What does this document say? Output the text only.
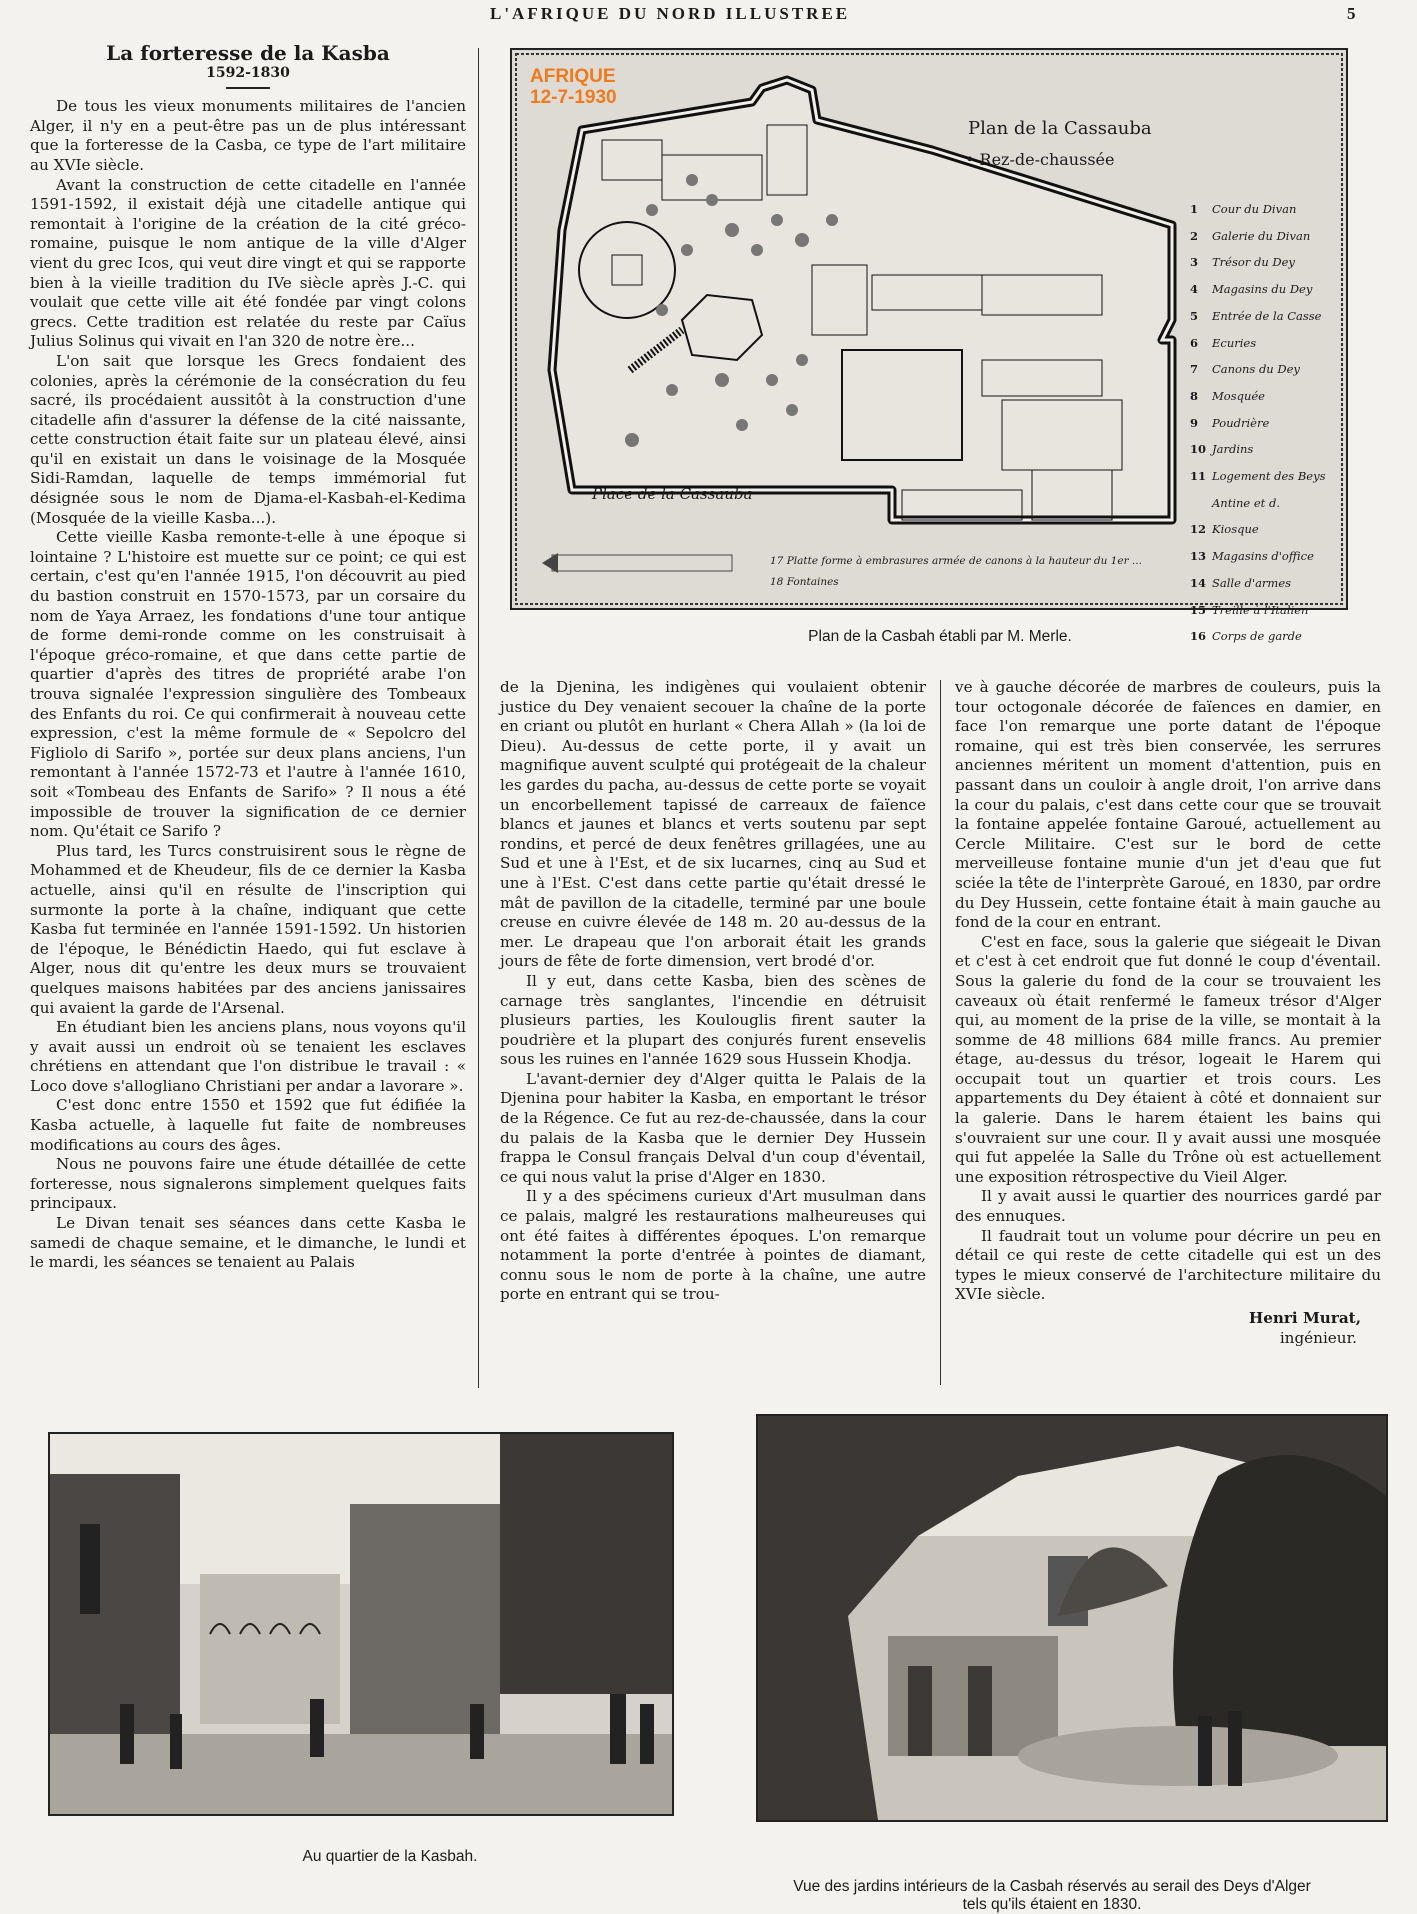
L'AFRIQUE DU NORD ILLUSTREE	5

La forteresse de la Kasba

1592-1830

De tous les vieux monuments militaires de l'ancien Alger, il n'y en a peut-être pas un de plus intéressant que la forteresse de la Casba, ce type de l'art militaire au XVIe siècle.

Avant la construction de cette citadelle en l'année 1591-1592, il existait déjà une citadelle antique qui remontait à l'origine de la création de la cité gréco-romaine, puisque le nom antique de la ville d'Alger vient du grec Icos, qui veut dire vingt et qui se rapporte bien à la vieille tradition du IVe siècle après J.-C. qui voulait que cette ville ait été fondée par vingt colons grecs. Cette tradition est relatée du reste par Caïus Julius Solinus qui vivait en l'an 320 de notre ère...

L'on sait que lorsque les Grecs fondaient des colonies, après la cérémonie de la consécration du feu sacré, ils procédaient aussitôt à la construction d'une citadelle afin d'assurer la défense de la cité naissante, cette construction était faite sur un plateau élevé, ainsi qu'il en existait un dans le voisinage de la Mosquée Sidi-Ramdan, laquelle de temps immémorial fut désignée sous le nom de Djama-el-Kasbah-el-Kedima (Mosquée de la vieille Kasba...).

Cette vieille Kasba remonte-t-elle à une époque si lointaine ? L'histoire est muette sur ce point; ce qui est certain, c'est qu'en l'année 1915, l'on découvrit au pied du bastion construit en 1570-1573, par un corsaire du nom de Yaya Arraez, les fondations d'une tour antique de forme demi-ronde comme on les construisait à l'époque gréco-romaine, et que dans cette partie de quartier d'après des titres de propriété arabe l'on trouva signalée l'expression singulière des Tombeaux des Enfants du roi. Ce qui confirmerait à nouveau cette expression, c'est la même formule de « Sepolcro del Figliolo di Sarifo », portée sur deux plans anciens, l'un remontant à l'année 1572-73 et l'autre à l'année 1610, soit «Tombeau des Enfants de Sarifo» ? Il nous a été impossible de trouver la signification de ce dernier nom. Qu'était ce Sarifo ?

Plus tard, les Turcs construisirent sous le règne de Mohammed et de Kheudeur, fils de ce dernier la Kasba actuelle, ainsi qu'il en résulte de l'inscription qui surmonte la porte à la chaîne, indiquant que cette Kasba fut terminée en l'année 1591-1592. Un historien de l'époque, le Bénédictin Haedo, qui fut esclave à Alger, nous dit qu'entre les deux murs se trouvaient quelques maisons habitées par des anciens janissaires qui avaient la garde de l'Arsenal.

En étudiant bien les anciens plans, nous voyons qu'il y avait aussi un endroit où se tenaient les esclaves chrétiens en attendant que l'on distribue le travail : « Loco dove s'allogliano Christiani per andar a lavorare ».

C'est donc entre 1550 et 1592 que fut édifiée la Kasba actuelle, à laquelle fut faite de nombreuses modifications au cours des âges.

Nous ne pouvons faire une étude détaillée de cette forteresse, nous signalerons simplement quelques faits principaux.

Le Divan tenait ses séances dans cette Kasba le samedi de chaque semaine, et le dimanche, le lundi et le mardi, les séances se tenaient au Palais

AFRIQUE
12-7-1930
Plan de la Cassauba
• Rez-de-chaussée
Place de la Cassauba
1 Cour du Divan
2 Galerie du Divan
3 Trésor du Dey
4 Magasins du Dey
5 Entrée de la Casse
6 Ecuries
7 Canons du Dey
8 Mosquée
9 Poudrière
10 Jardins
11 Logement des Beys
Antine et d.
12 Kiosque
13 Magasins d'office
14 Salle d'armes
15 Treille à l'Italien
16 Corps de garde
17 Platte forme à embrasures armée de canons à la hauteur du 1er ...
18 Fontaines
Plan de la Casbah établi par M. Merle.

de la Djenina, les indigènes qui voulaient obtenir justice du Dey venaient secouer la chaîne de la porte en criant ou plutôt en hurlant « Chera Allah » (la loi de Dieu). Au-dessus de cette porte, il y avait un magnifique auvent sculpté qui protégeait de la chaleur les gardes du pacha, au-dessus de cette porte se voyait un encorbellement tapissé de carreaux de faïence blancs et jaunes et blancs et verts soutenu par sept rondins, et percé de deux fenêtres grillagées, une au Sud et une à l'Est, et de six lucarnes, cinq au Sud et une à l'Est. C'est dans cette partie qu'était dressé le mât de pavillon de la citadelle, terminé par une boule creuse en cuivre élevée de 148 m. 20 au-dessus de la mer. Le drapeau que l'on arborait était les grands jours de fête de forte dimension, vert brodé d'or.

Il y eut, dans cette Kasba, bien des scènes de carnage très sanglantes, l'incendie en détruisit plusieurs parties, les Koulouglis firent sauter la poudrière et la plupart des conjurés furent ensevelis sous les ruines en l'année 1629 sous Hussein Khodja.

L'avant-dernier dey d'Alger quitta le Palais de la Djenina pour habiter la Kasba, en emportant le trésor de la Régence. Ce fut au rez-de-chaussée, dans la cour du palais de la Kasba que le dernier Dey Hussein frappa le Consul français Delval d'un coup d'éventail, ce qui nous valut la prise d'Alger en 1830.

Il y a des spécimens curieux d'Art musulman dans ce palais, malgré les restaurations malheureuses qui ont été faites à différentes époques. L'on remarque notamment la porte d'entrée à pointes de diamant, connu sous le nom de porte à la chaîne, une autre porte en entrant qui se trou-

ve à gauche décorée de marbres de couleurs, puis la tour octogonale décorée de faïences en damier, en face l'on remarque une porte datant de l'époque romaine, qui est très bien conservée, les serrures anciennes méritent un moment d'attention, puis en passant dans un couloir à angle droit, l'on arrive dans la cour du palais, c'est dans cette cour que se trouvait la fontaine appelée fontaine Garoué, actuellement au Cercle Militaire. C'est sur le bord de cette merveilleuse fontaine munie d'un jet d'eau que fut sciée la tête de l'interprète Garoué, en 1830, par ordre du Dey Hussein, cette fontaine était à main gauche au fond de la cour en entrant.

C'est en face, sous la galerie que siégeait le Divan et c'est à cet endroit que fut donné le coup d'éventail. Sous la galerie du fond de la cour se trouvaient les caveaux où était renfermé le fameux trésor d'Alger qui, au moment de la prise de la ville, se montait à la somme de 48 millions 684 mille francs. Au premier étage, au-dessus du trésor, logeait le Harem qui occupait tout un quartier et trois cours. Les appartements du Dey étaient à côté et donnaient sur la galerie. Dans le harem étaient les bains qui s'ouvraient sur une cour. Il y avait aussi une mosquée qui fut appelée la Salle du Trône où est actuellement une exposition rétrospective du Vieil Alger.

Il y avait aussi le quartier des nourrices gardé par des ennuques.

Il faudrait tout un volume pour décrire un peu en détail ce qui reste de cette citadelle qui est un des types le mieux conservé de l'architecture militaire du XVIe siècle.

Henri Murat,

ingénieur.

Au quartier de la Kasbah.
Vue des jardins intérieurs de la Casbah réservés au serail des Deys d'Alger
tels qu'ils étaient en 1830.
